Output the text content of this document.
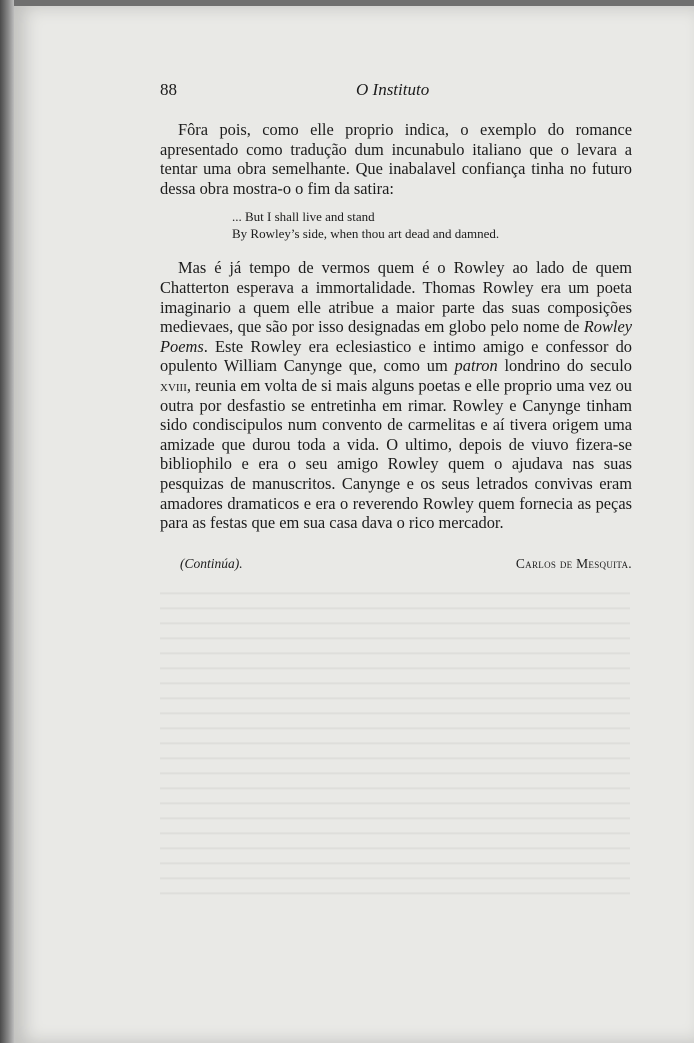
88	O Instituto

Fôra pois, como elle proprio indica, o exemplo do romance apresentado como tradução dum incunabulo italiano que o levara a tentar uma obra semelhante. Que inabalavel confiança tinha no futuro dessa obra mostra-o o fim da satira:

... But I shall live and stand
By Rowley’s side, when thou art dead and damned.

Mas é já tempo de vermos quem é o Rowley ao lado de quem Chatterton esperava a immortalidade. Thomas Rowley era um poeta imaginario a quem elle atribue a maior parte das suas composições medievaes, que são por isso designadas em globo pelo nome de Rowley Poems. Este Rowley era eclesiastico e intimo amigo e confessor do opulento William Canynge que, como um patron londrino do seculo xviii, reunia em volta de si mais alguns poetas e elle proprio uma vez ou outra por desfastio se entretinha em rimar. Rowley e Canynge tinham sido condiscipulos num convento de carmelitas e aí tivera origem uma amizade que durou toda a vida. O ultimo, depois de viuvo fizera-se bibliophilo e era o seu amigo Rowley quem o ajudava nas suas pesquizas de manuscritos. Canynge e os seus letrados convivas eram amadores dramaticos e era o reverendo Rowley quem fornecia as peças para as festas que em sua casa dava o rico mercador.

(Continúa).	Carlos de Mesquita.
